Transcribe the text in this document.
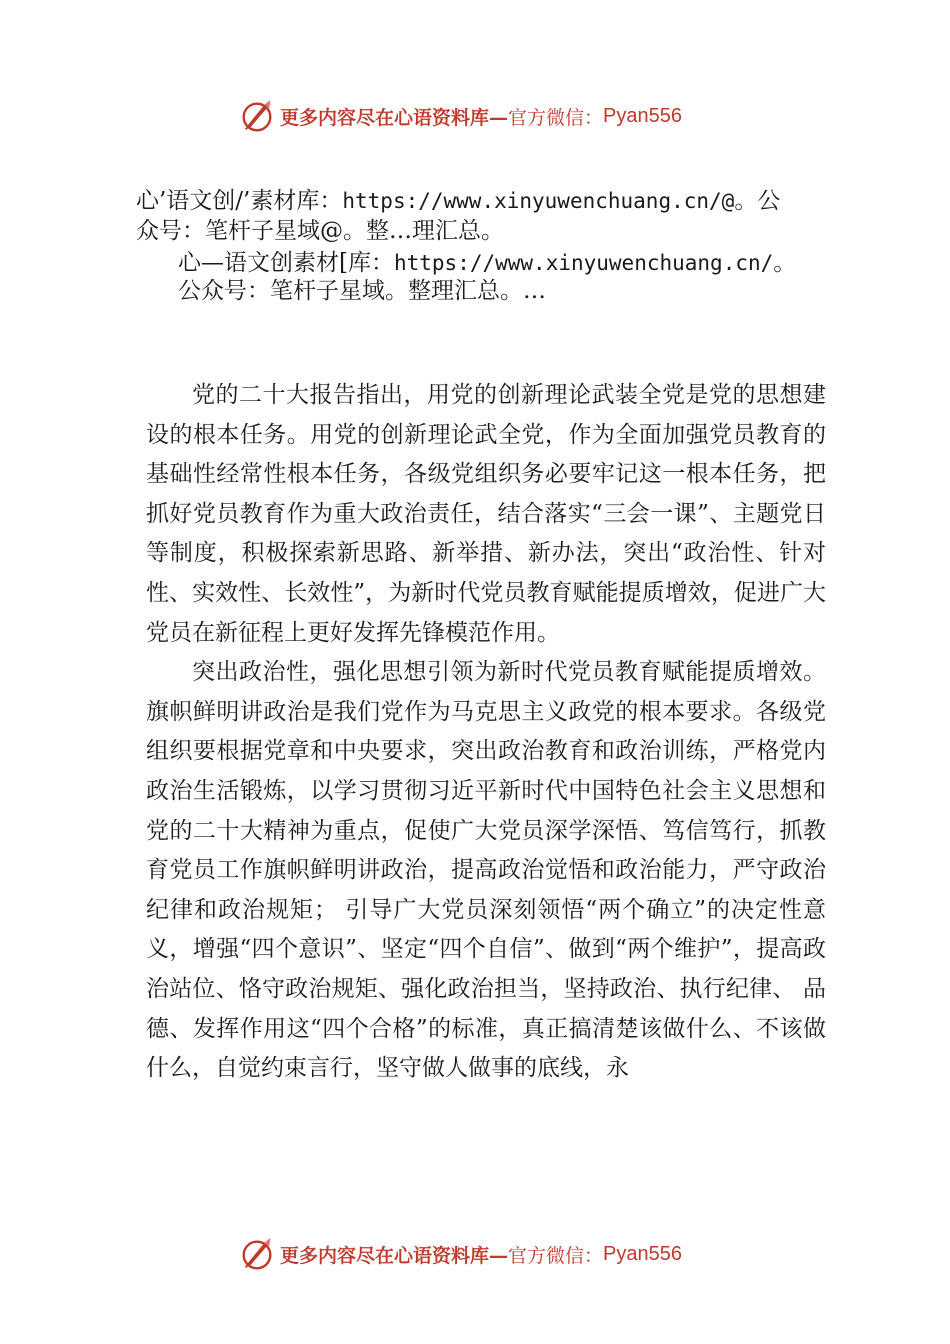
更多内容尽在心语资料库— 官方微信： Pyan556
心’语文创/’素材库：https://www.xinyuwenchuang.cn/@。公
众号：笔杆子星域@。整…理汇总。
心—语文创素材[库：https://www.xinyuwenchuang.cn/。
公众号：笔杆子星域。整理汇总。…

党的二十大报告指出，用党的创新理论武装全党是党的思想建设的根本任务。用党的创新理论武全党，作为全面加强党员教育的基础性经常性根本任务，各级党组织务必要牢记这一根本任务，把抓好党员教育作为重大政治责任，结合落实“三会一课”、主题党日等制度，积极探索新思路、新举措、新办法，突出“政治性、针对性、实效性、长效性”，为新时代党员教育赋能提质增效，促进广大党员在新征程上更好发挥先锋模范作用。

突出政治性，强化思想引领为新时代党员教育赋能提质增效。旗帜鲜明讲政治是我们党作为马克思主义政党的根本要求。各级党组织要根据党章和中央要求，突出政治教育和政治训练，严格党内政治生活锻炼，以学习贯彻习近平新时代中国特色社会主义思想和党的二十大精神为重点，促使广大党员深学深悟、笃信笃行，抓教育党员工作旗帜鲜明讲政治，提高政治觉悟和政治能力，严守政治纪律和政治规矩； 引导广大党员深刻领悟“两个确立”的决定性意义，增强“四个意识”、坚定“四个自信”、做到“两个维护”，提高政治站位、恪守政治规矩、强化政治担当，坚持政治、执行纪律、 品德、发挥作用这“四个合格”的标准，真正搞清楚该做什么、不该做什么，自觉约束言行，坚守做人做事的底线，永

更多内容尽在心语资料库— 官方微信： Pyan556
